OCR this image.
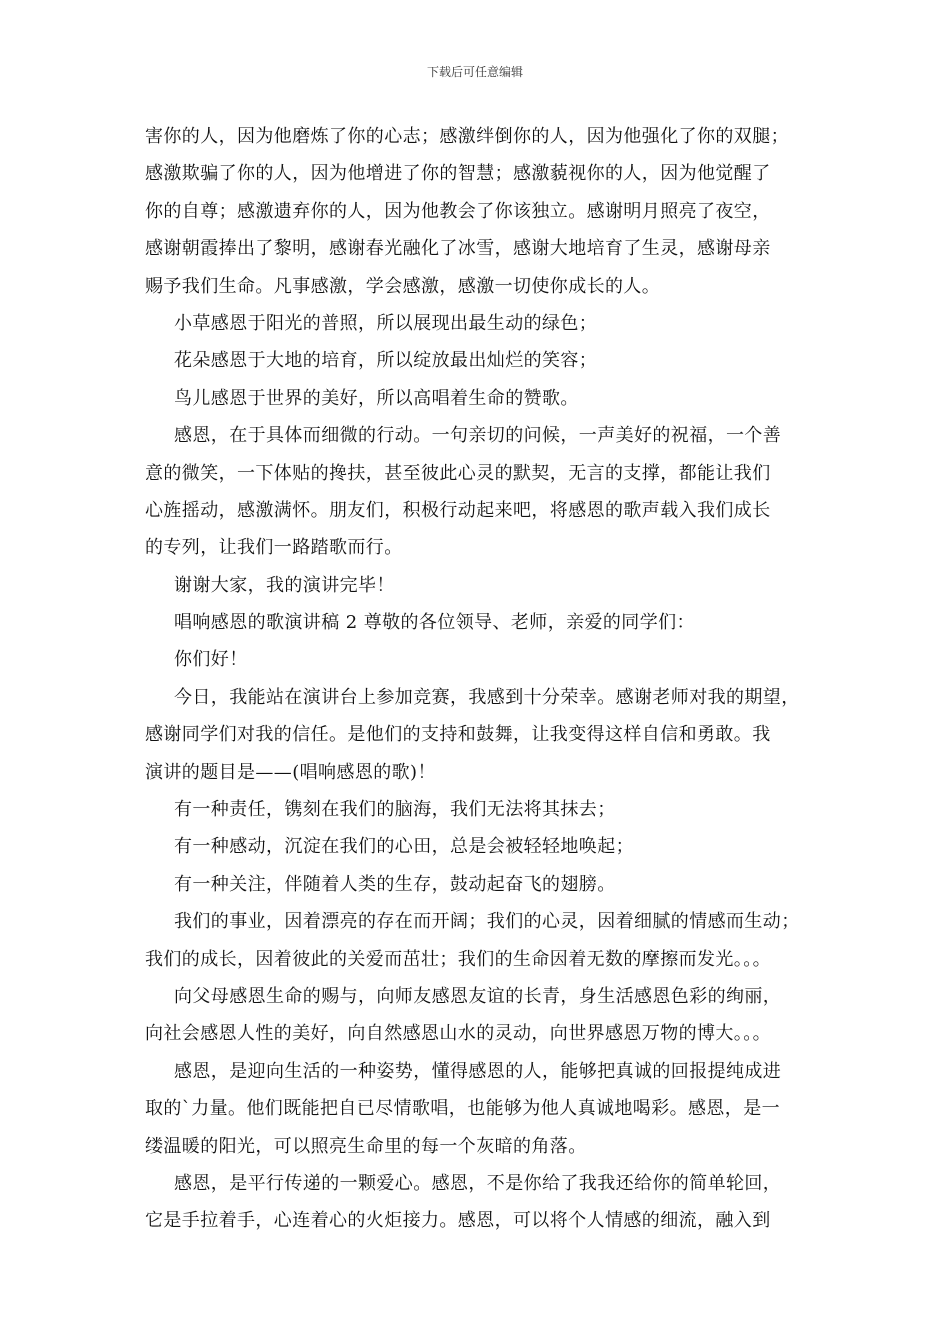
下载后可任意编辑
害你的人，因为他磨炼了你的心志；感激绊倒你的人，因为他强化了你的双腿；
感激欺骗了你的人，因为他增进了你的智慧；感激藐视你的人，因为他觉醒了
你的自尊；感激遗弃你的人，因为他教会了你该独立。感谢明月照亮了夜空，
感谢朝霞捧出了黎明，感谢春光融化了冰雪，感谢大地培育了生灵，感谢母亲
赐予我们生命。凡事感激，学会感激，感激一切使你成长的人。
小草感恩于阳光的普照，所以展现出最生动的绿色；
花朵感恩于大地的培育，所以绽放最出灿烂的笑容；
鸟儿感恩于世界的美好，所以高唱着生命的赞歌。
感恩，在于具体而细微的行动。一句亲切的问候，一声美好的祝福，一个善
意的微笑，一下体贴的搀扶，甚至彼此心灵的默契，无言的支撑，都能让我们
心旌摇动，感激满怀。朋友们，积极行动起来吧，将感恩的歌声载入我们成长
的专列，让我们一路踏歌而行。
谢谢大家，我的演讲完毕！
唱响感恩的歌演讲稿 2 尊敬的各位领导、老师，亲爱的同学们：
你们好！
今日，我能站在演讲台上参加竞赛，我感到十分荣幸。感谢老师对我的期望，
感谢同学们对我的信任。是他们的支持和鼓舞，让我变得这样自信和勇敢。我
演讲的题目是——(唱响感恩的歌)！
有一种责任，镌刻在我们的脑海，我们无法将其抹去；
有一种感动，沉淀在我们的心田，总是会被轻轻地唤起；
有一种关注，伴随着人类的生存，鼓动起奋飞的翅膀。
我们的事业，因着漂亮的存在而开阔；我们的心灵，因着细腻的情感而生动；
我们的成长，因着彼此的关爱而茁壮；我们的生命因着无数的摩擦而发光。。。
向父母感恩生命的赐与，向师友感恩友谊的长青，身生活感恩色彩的绚丽，
向社会感恩人性的美好，向自然感恩山水的灵动，向世界感恩万物的博大。。。
感恩，是迎向生活的一种姿势，懂得感恩的人，能够把真诚的回报提纯成进
取的`力量。他们既能把自已尽情歌唱，也能够为他人真诚地喝彩。感恩，是一
缕温暖的阳光，可以照亮生命里的每一个灰暗的角落。
感恩，是平行传递的一颗爱心。感恩，不是你给了我我还给你的简单轮回，
它是手拉着手，心连着心的火炬接力。感恩，可以将个人情感的细流，融入到
